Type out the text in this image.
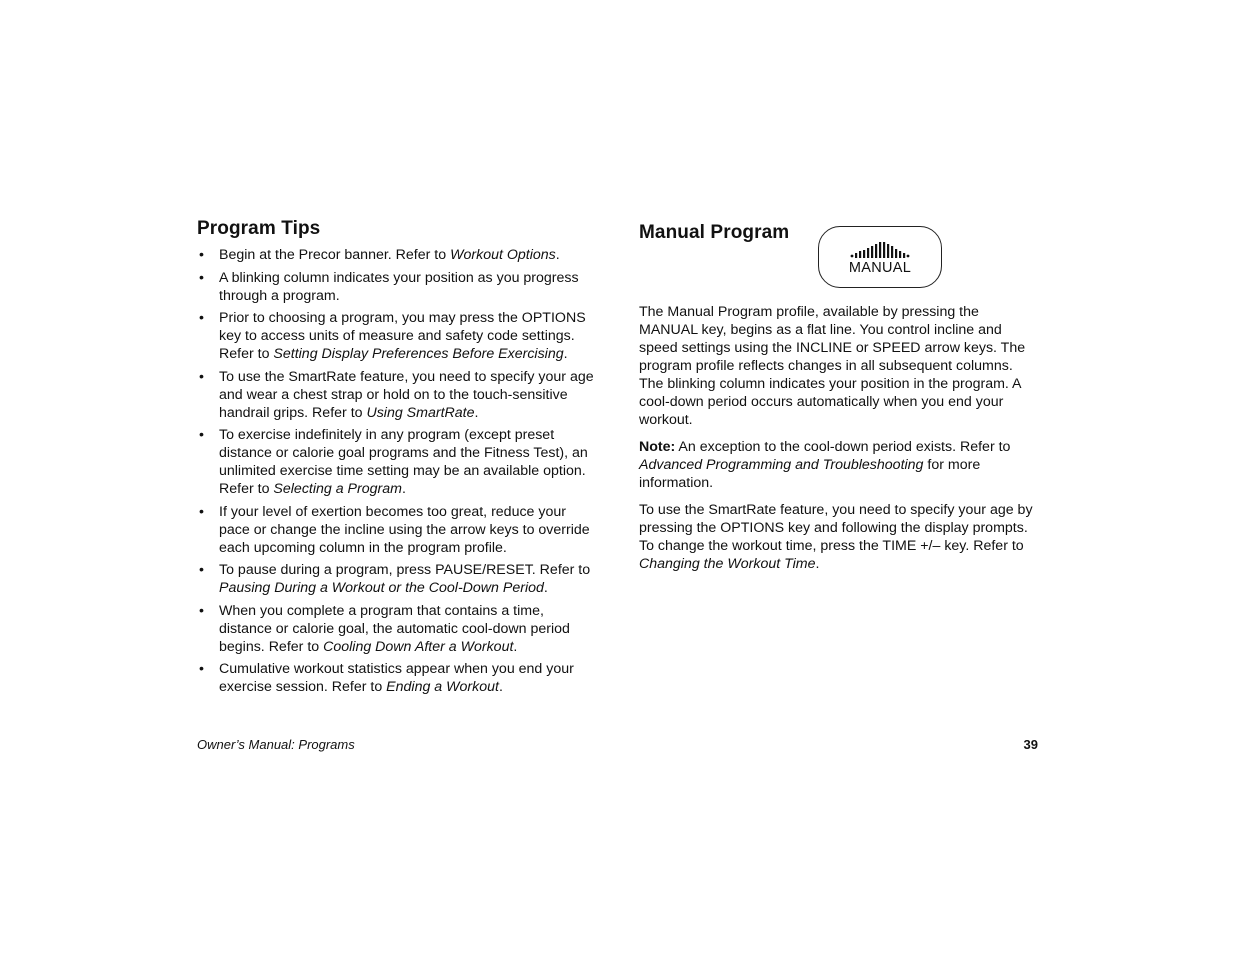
Program Tips
• Begin at the Precor banner. Refer to Workout Options.
• A blinking column indicates your position as you progress through a program.
• Prior to choosing a program, you may press the OPTIONS key to access units of measure and safety code settings. Refer to Setting Display Preferences Before Exercising.
• To use the SmartRate feature, you need to specify your age and wear a chest strap or hold on to the touch-sensitive handrail grips. Refer to Using SmartRate.
• To exercise indefinitely in any program (except preset distance or calorie goal programs and the Fitness Test), an unlimited exercise time setting may be an available option. Refer to Selecting a Program.
• If your level of exertion becomes too great, reduce your pace or change the incline using the arrow keys to override each upcoming column in the program profile.
• To pause during a program, press PAUSE/RESET. Refer to Pausing During a Workout or the Cool-Down Period.
• When you complete a program that contains a time, distance or calorie goal, the automatic cool-down period begins. Refer to Cooling Down After a Workout.
• Cumulative workout statistics appear when you end your exercise session. Refer to Ending a Workout.
Manual Program
MANUAL

The Manual Program profile, available by pressing the MANUAL key, begins as a flat line. You control incline and speed settings using the INCLINE or SPEED arrow keys. The program profile reflects changes in all subsequent columns. The blinking column indicates your position in the program. A cool-down period occurs automatically when you end your workout.

Note: An exception to the cool-down period exists. Refer to Advanced Programming and Troubleshooting for more information.

To use the SmartRate feature, you need to specify your age by pressing the OPTIONS key and following the display prompts. To change the workout time, press the TIME +/– key. Refer to Changing the Workout Time.

Owner’s Manual: Programs	39
